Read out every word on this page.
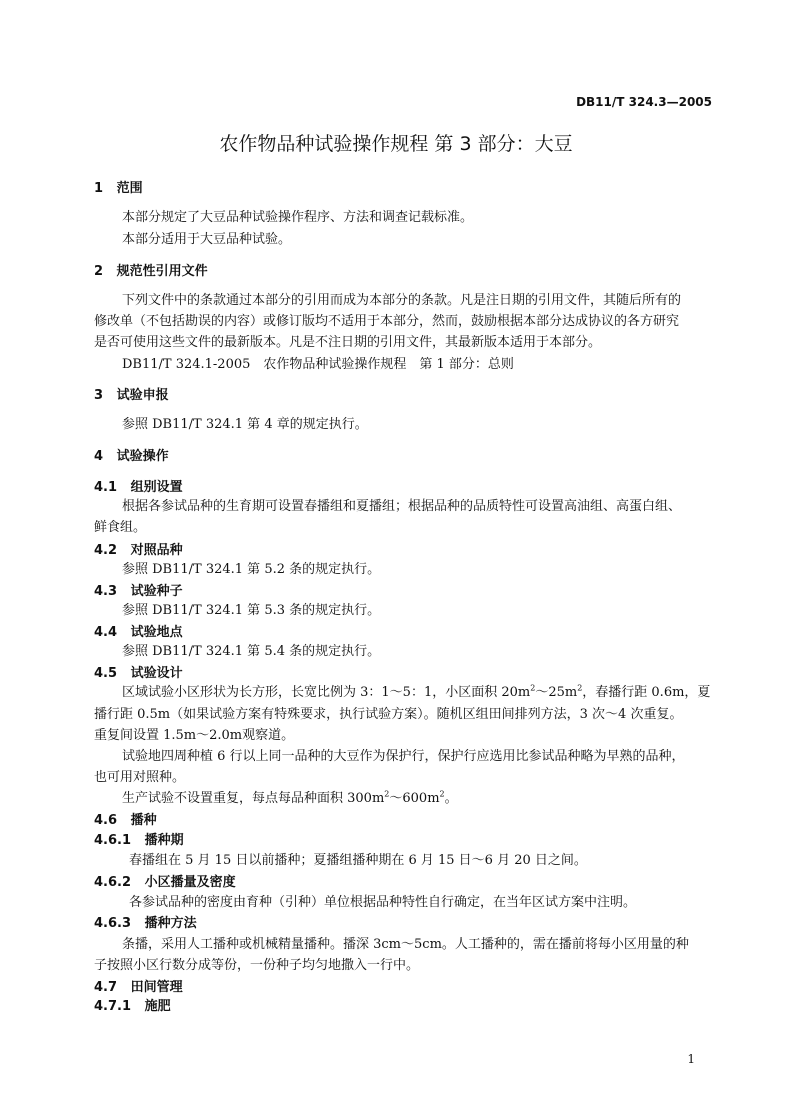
DB11/T 324.3—2005
农作物品种试验操作规程 第 3 部分：大豆
1 范围
本部分规定了大豆品种试验操作程序、方法和调查记载标准。
本部分适用于大豆品种试验。
2 规范性引用文件
下列文件中的条款通过本部分的引用而成为本部分的条款。凡是注日期的引用文件，其随后所有的
修改单（不包括勘误的内容）或修订版均不适用于本部分，然而，鼓励根据本部分达成协议的各方研究
是否可使用这些文件的最新版本。凡是不注日期的引用文件，其最新版本适用于本部分。
DB11/T 324.1-2005　农作物品种试验操作规程　第 1 部分：总则
3 试验申报
参照 DB11/T 324.1 第 4 章的规定执行。
4 试验操作
4.1 组别设置
根据各参试品种的生育期可设置春播组和夏播组；根据品种的品质特性可设置高油组、高蛋白组、
鲜食组。
4.2 对照品种
参照 DB11/T 324.1 第 5.2 条的规定执行。
4.3 试验种子
参照 DB11/T 324.1 第 5.3 条的规定执行。
4.4 试验地点
参照 DB11/T 324.1 第 5.4 条的规定执行。
4.5 试验设计
区域试验小区形状为长方形，长宽比例为 3：1～5：1，小区面积 $20m^2\sim 25m^2$，春播行距 0.6m，夏
播行距 0.5m（如果试验方案有特殊要求，执行试验方案）。随机区组田间排列方法，3 次～4 次重复。
重复间设置 1.5m～2.0m观察道。
试验地四周种植 6 行以上同一品种的大豆作为保护行，保护行应选用比参试品种略为早熟的品种，
也可用对照种。
生产试验不设置重复，每点每品种面积 $300m^2\sim 600m^2$。
4.6 播种
4.6.1 播种期
春播组在 5 月 15 日以前播种；夏播组播种期在 6 月 15 日～6 月 20 日之间。
4.6.2 小区播量及密度
各参试品种的密度由育种（引种）单位根据品种特性自行确定，在当年区试方案中注明。
4.6.3 播种方法
条播，采用人工播种或机械精量播种。播深 3cm～5cm。人工播种的，需在播前将每小区用量的种
子按照小区行数分成等份，一份种子均匀地撒入一行中。
4.7 田间管理
4.7.1 施肥
1
